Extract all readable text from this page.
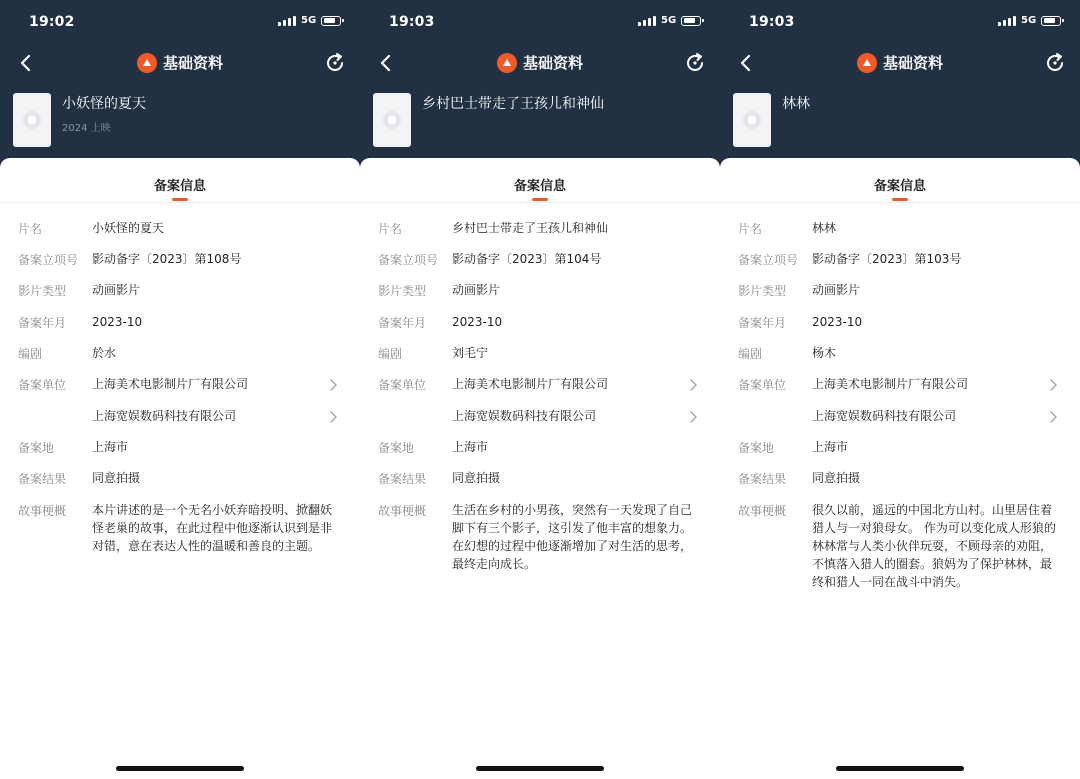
19:02	5G
基础资料
小妖怪的夏天
2024 上映
备案信息
片名	小妖怪的夏天
备案立项号 影动备字〔2023〕第108号
影片类型 动画影片
备案年月 2023-10
编剧	於水
备案单位 上海美术电影制片厂有限公司
上海宽娱数码科技有限公司
备案地	上海市
备案结果 同意拍摄
故事梗概 本片讲述的是一个无名小妖弃暗投明、掀翻妖怪老巢的故事，在此过程中他逐渐认识到是非对错，意在表达人性的温暖和善良的主题。
19:03	5G
基础资料
乡村巴士带走了王孩儿和神仙
备案信息
片名	乡村巴士带走了王孩儿和神仙
备案立项号 影动备字〔2023〕第104号
影片类型 动画影片
备案年月 2023-10
编剧	刘毛宁
备案单位 上海美术电影制片厂有限公司
上海宽娱数码科技有限公司
备案地	上海市
备案结果 同意拍摄
故事梗概 生活在乡村的小男孩，突然有一天发现了自己脚下有三个影子，这引发了他丰富的想象力。在幻想的过程中他逐渐增加了对生活的思考，最终走向成长。
19:03	5G
基础资料
林林
备案信息
片名	林林
备案立项号 影动备字〔2023〕第103号
影片类型 动画影片
备案年月 2023-10
编剧	杨木
备案单位 上海美术电影制片厂有限公司
上海宽娱数码科技有限公司
备案地	上海市
备案结果 同意拍摄
故事梗概 很久以前，遥远的中国北方山村。山里居住着猎人与一对狼母女。 作为可以变化成人形狼的林林常与人类小伙伴玩耍，不顾母亲的劝阻，不慎落入猎人的圈套。狼妈为了保护林林，最终和猎人一同在战斗中消失。
